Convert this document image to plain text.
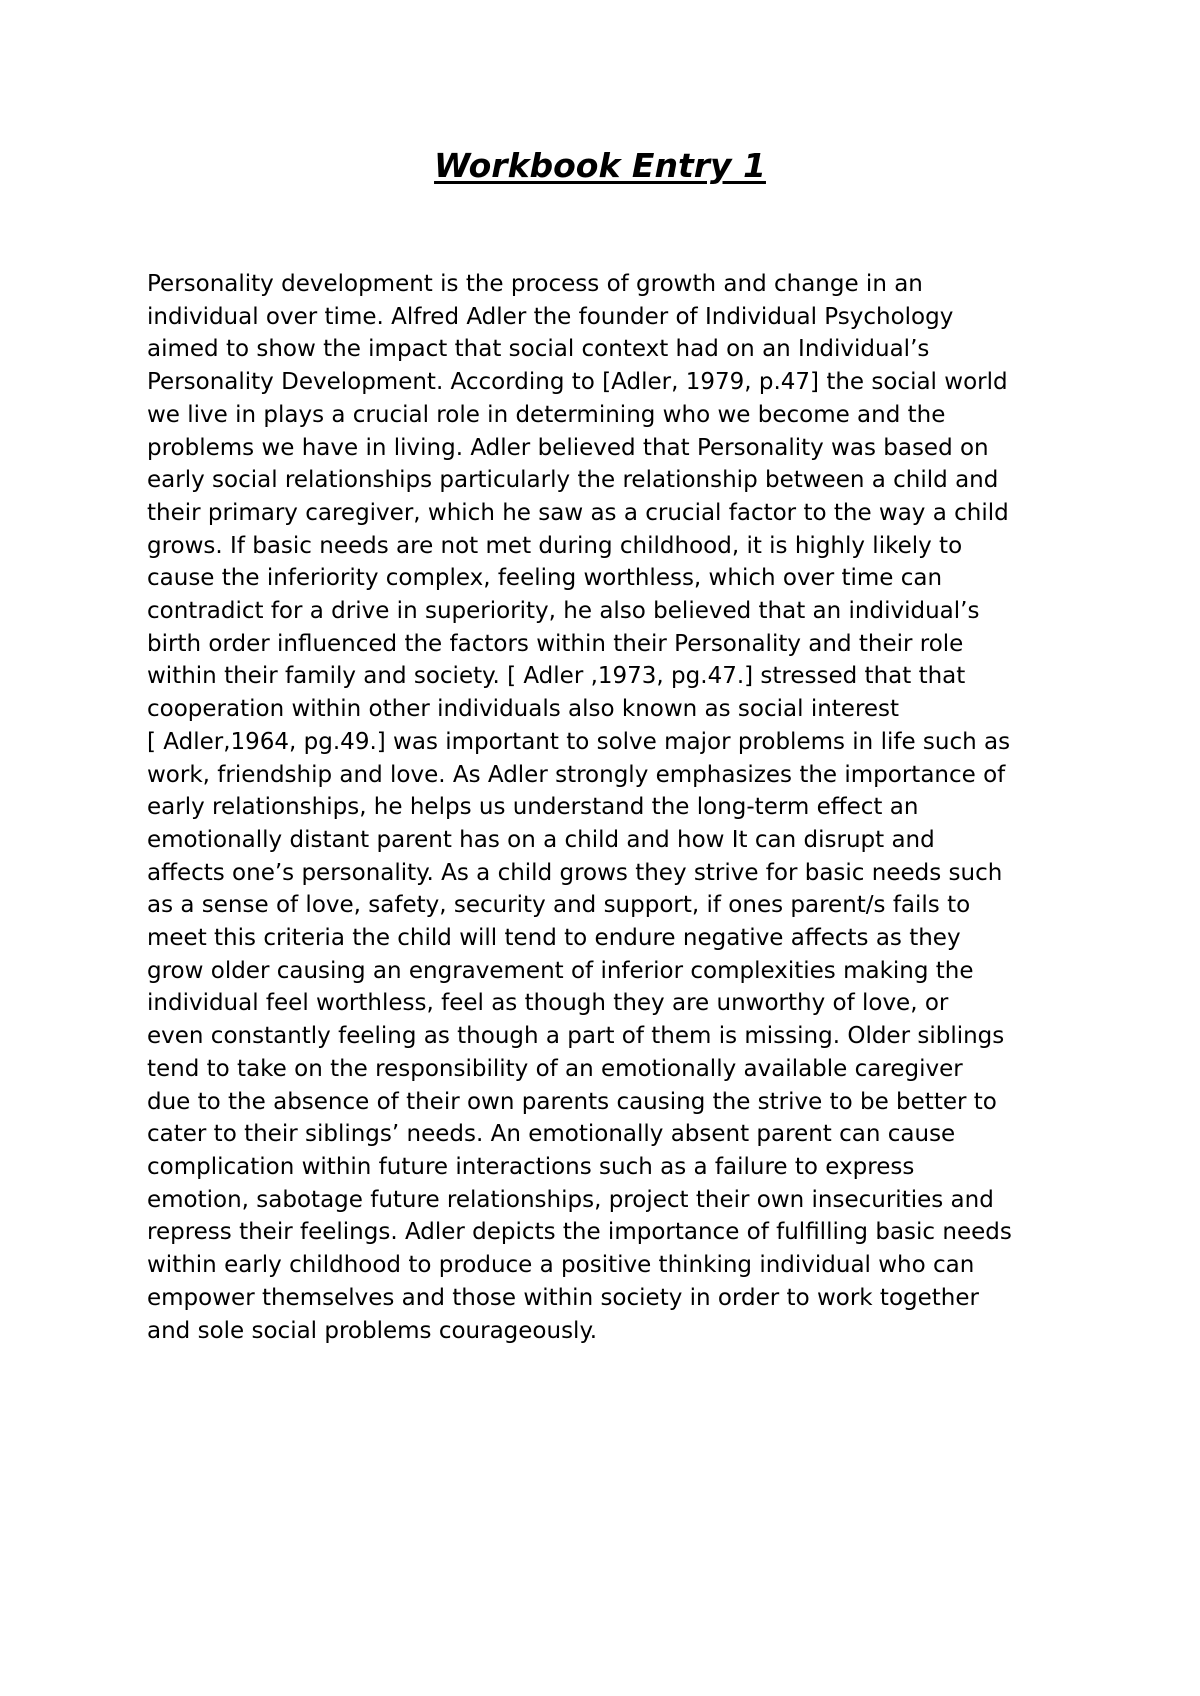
Workbook Entry 1
Personality development is the process of growth and change in an
individual over time. Alfred Adler the founder of Individual Psychology
aimed to show the impact that social context had on an Individual’s
Personality Development. According to [Adler, 1979, p.47] the social world
we live in plays a crucial role in determining who we become and the
problems we have in living. Adler believed that Personality was based on
early social relationships particularly the relationship between a child and
their primary caregiver, which he saw as a crucial factor to the way a child
grows. If basic needs are not met during childhood, it is highly likely to
cause the inferiority complex, feeling worthless, which over time can
contradict for a drive in superiority, he also believed that an individual’s
birth order influenced the factors within their Personality and their role
within their family and society. [ Adler ,1973, pg.47.] stressed that that
cooperation within other individuals also known as social interest
[ Adler,1964, pg.49.] was important to solve major problems in life such as
work, friendship and love. As Adler strongly emphasizes the importance of
early relationships, he helps us understand the long-term effect an
emotionally distant parent has on a child and how It can disrupt and
affects one’s personality. As a child grows they strive for basic needs such
as a sense of love, safety, security and support, if ones parent/s fails to
meet this criteria the child will tend to endure negative affects as they
grow older causing an engravement of inferior complexities making the
individual feel worthless, feel as though they are unworthy of love, or
even constantly feeling as though a part of them is missing. Older siblings
tend to take on the responsibility of an emotionally available caregiver
due to the absence of their own parents causing the strive to be better to
cater to their siblings’ needs. An emotionally absent parent can cause
complication within future interactions such as a failure to express
emotion, sabotage future relationships, project their own insecurities and
repress their feelings. Adler depicts the importance of fulfilling basic needs
within early childhood to produce a positive thinking individual who can
empower themselves and those within society in order to work together
and sole social problems courageously.
